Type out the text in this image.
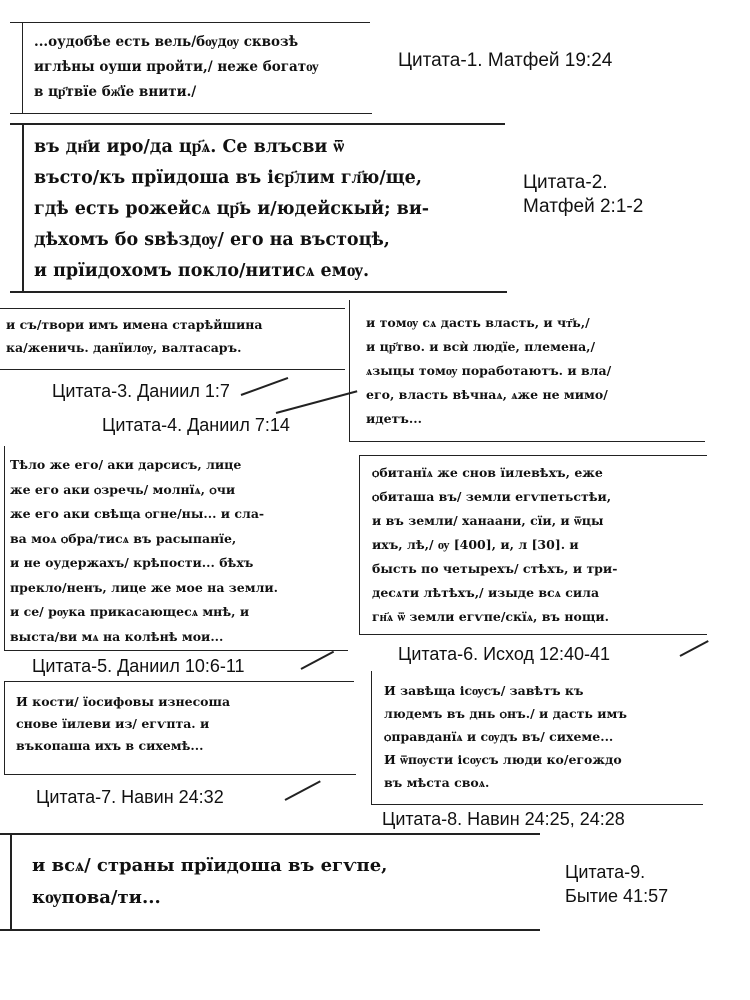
...оудобѣе есть вель/бѹдѹ сквозѣ
иглѣны оуши пройти,/ неже богатѹ
в цр҃твїе бж҃їе внити./
Цитата-1. Матфей 19:24
въ дн҃и иро/да цр҃ѧ. Се влъсви ѿ
въсто/къ прїидоша въ ієр҃лим гл҃ю/ще,
гдѣ есть рожейсѧ цр҃ь и/юдейскый; ви-
дѣхомъ бо ѕвѣздѹ/ его на въстоцѣ,
и прїидохомъ покло/нитисѧ емѹ.
Цитата-2.
Матфей 2:1-2
и съ/твори имъ имена старѣйшина
ка/женичь. данїилѹ, валтасаръ.
Цитата-3. Даниил 1:7
и томѹ сѧ дасть власть, и чт҃ь,/
и цр҃тво. и всѝ людїе, племена,/
ѧзыцы томѹ поработаютъ. и вла/
его, власть вѣчнаѧ, ѧже не мимо/
идетъ...
Цитата-4. Даниил 7:14
Тѣло же его/ аки дарсисъ, лице
же его аки ѻзречь/ молнїѧ, ѻчи
же его аки свѣща ѻгне/ны... и сла-
ва моѧ ѻбра/тисѧ въ расыпанїе,
и не оудержахъ/ крѣпости... бѣхъ
прекло/ненъ, лице же мое на земли.
и се/ рѹка прикасающесѧ мнѣ, и
выста/ви мѧ на колѣнѣ мои...
Цитата-5. Даниил 10:6-11
ѻбитанїѧ же снов їилевѣхъ, еже
ѻбиташа въ/ земли егѵпетьстѣи,
и въ земли/ ханаани, сїи, и ѿцы
ихъ, лѣ,/ ѹ [400], и, л [30]. и
бысть по четырехъ/ стѣхъ, и три-
десѧти лѣтѣхъ,/ изыде всѧ сила
гн҃ѧ ѿ земли егѵпе/скїѧ, въ нощи.
Цитата-6. Исход 12:40-41
И кости/ їосифовы изнесоша
снове їилеви из/ егѵпта. и
въкопаша ихъ в сихемѣ...
Цитата-7. Навин 24:32
И завѣща ісѹсъ/ завѣтъ къ
людемъ въ днь ѻнъ./ и дасть имъ
ѻправданїѧ и сѹдъ въ/ сихеме...
И ѿпѹсти ісѹсъ люди ко/егождо
въ мѣста своѧ.
Цитата-8. Навин 24:25, 24:28
и всѧ/ страны прїидоша въ егѵпе,
кѹпова/ти...
Цитата-9.
Бытие 41:57
